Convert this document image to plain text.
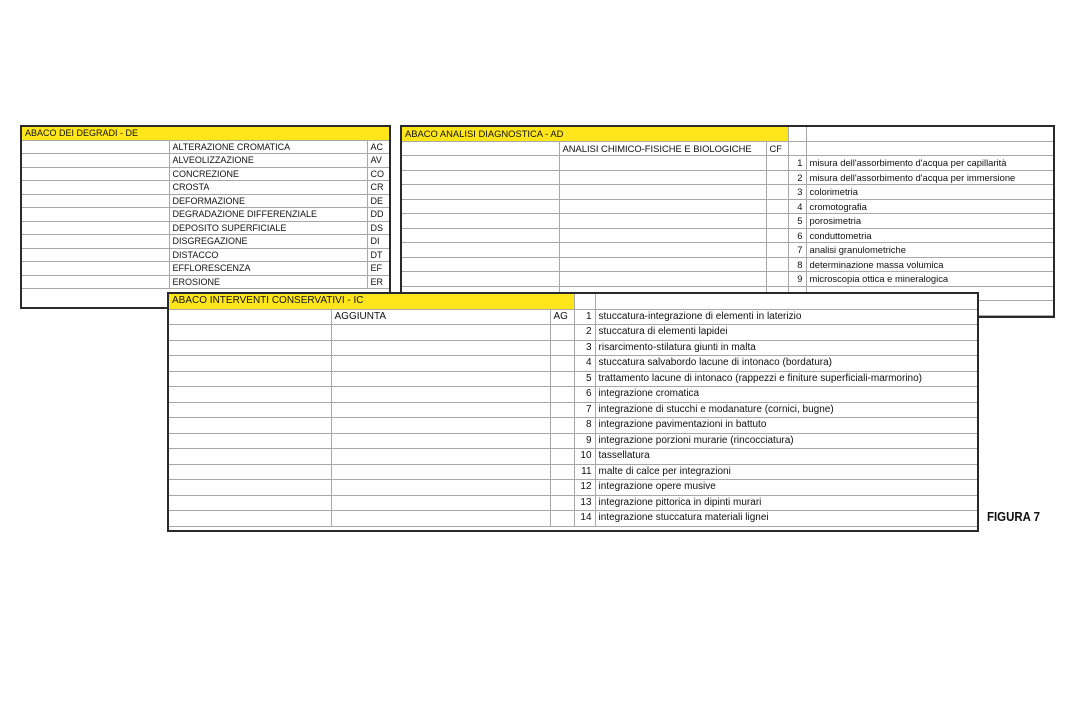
ABACO DEI DEGRADI - DE		
	ALTERAZIONE CROMATICA	AC
	ALVEOLIZZAZIONE	AV
	CONCREZIONE	CO
	CROSTA	CR
	DEFORMAZIONE	DE
	DEGRADAZIONE DIFFERENZIALE	DD
	DEPOSITO SUPERFICIALE	DS
	DISGREGAZIONE	DI
	DISTACCO	DT
	EFFLORESCENZA	EF
	EROSIONE	ER
ABACO ANALISI DIAGNOSTICA - AD				
	ANALISI CHIMICO-FISICHE E BIOLOGICHE	CF		
			1	misura dell'assorbimento d'acqua per capillarità
			2	misura dell'assorbimento d'acqua per immersione
			3	colorimetria
			4	cromotografia
			5	porosimetria
			6	conduttometria
			7	analisi granulometriche
			8	determinazione massa volumica
			9	microscopia ottica e mineralogica

ABACO INTERVENTI CONSERVATIVI - IC				
	AGGIUNTA	AG	1	stuccatura-integrazione di elementi in laterizio
			2	stuccatura di elementi lapidei
			3	risarcimento-stilatura giunti in malta
			4	stuccatura salvabordo lacune di intonaco (bordatura)
			5	trattamento lacune di intonaco (rappezzi e finiture superficiali-marmorino)
			6	integrazione cromatica
			7	integrazione di stucchi e modanature (cornici, bugne)
			8	integrazione pavimentazioni in battuto
			9	integrazione porzioni murarie (rincocciatura)
			10	tassellatura
			11	malte di calce per integrazioni
			12	integrazione opere musive
			13	integrazione pittorica in dipinti murari
			14	integrazione stuccatura materiali lignei	FIGURA 7
